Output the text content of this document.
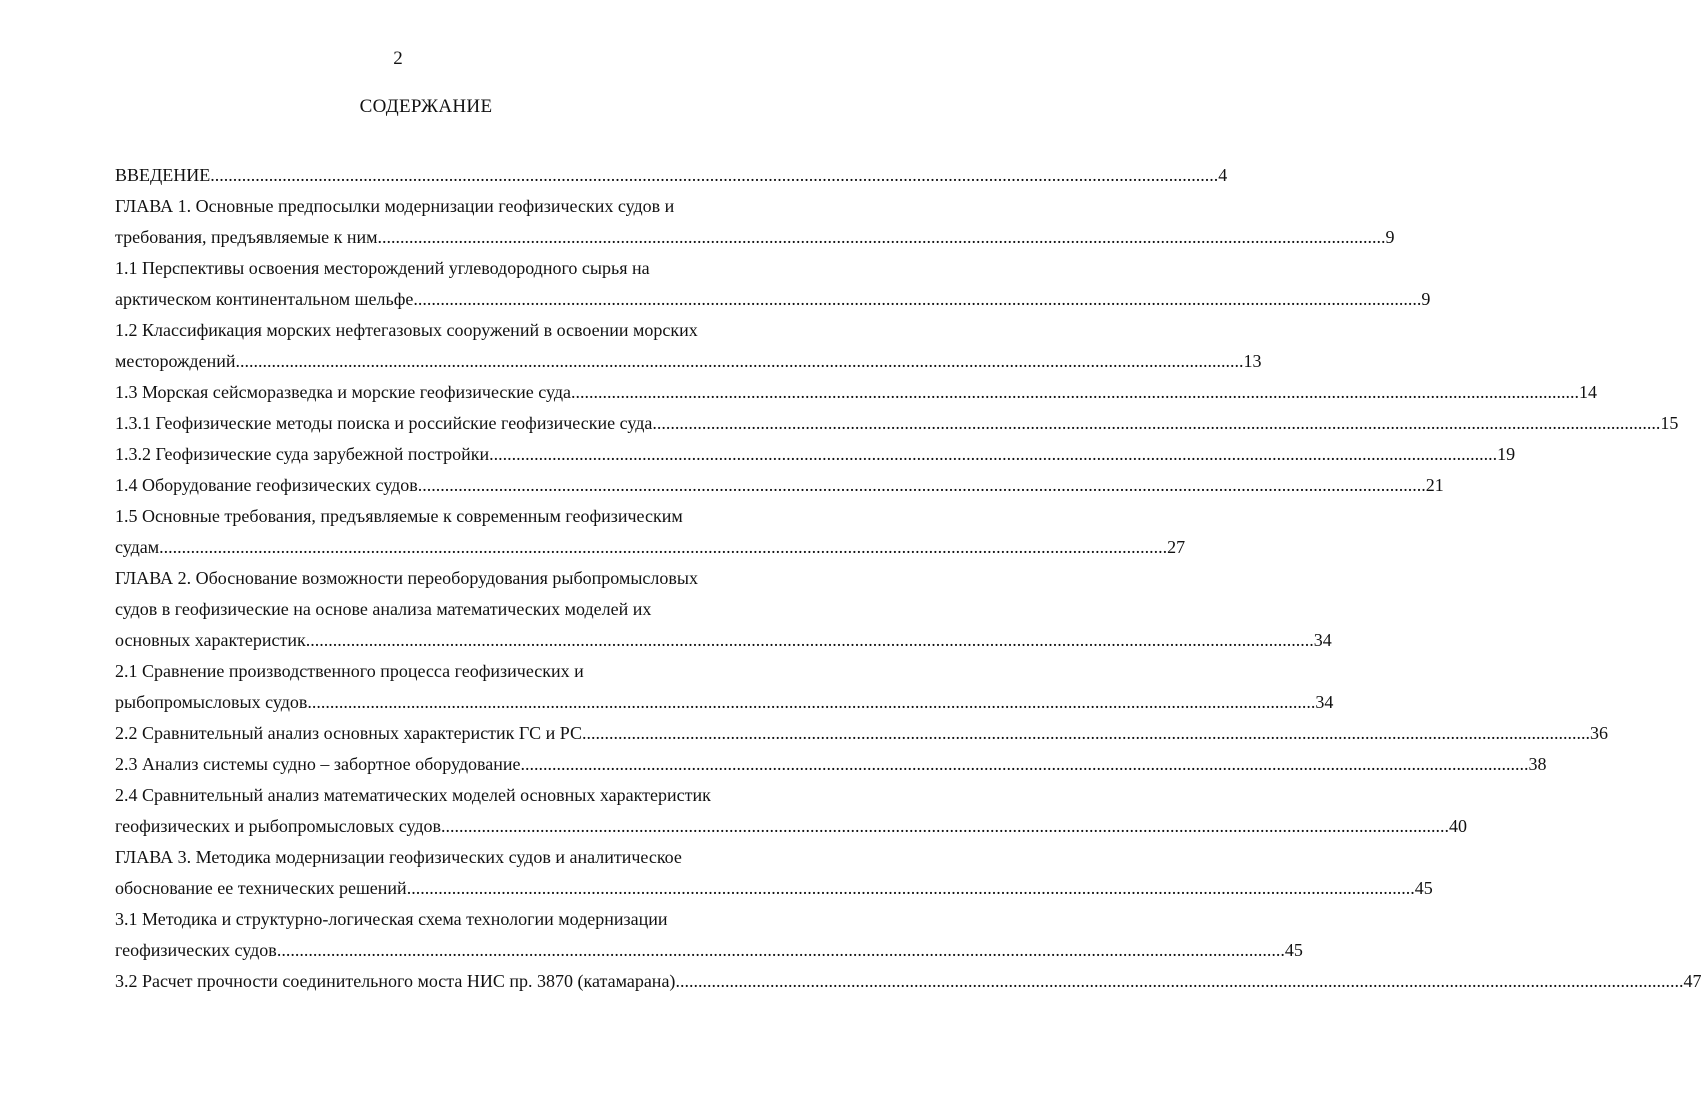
2
СОДЕРЖАНИЕ
ВВЕДЕНИЕ .....	4
ГЛАВА 1. Основные предпосылки модернизации геофизических судов и
требования, предъявляемые к ним .....	9
1.1 Перспективы освоения месторождений углеводородного сырья на
арктическом континентальном шельфе .....	9
1.2 Классификация морских нефтегазовых сооружений в освоении морских
месторождений .....	13
1.3 Морская сейсморазведка и морские геофизические суда .....	14
1.3.1 Геофизические методы поиска и российские геофизические суда .....	15
1.3.2 Геофизические суда зарубежной постройки .....	19
1.4 Оборудование геофизических судов .....	21
1.5 Основные требования, предъявляемые к современным геофизическим
судам .....	27
ГЛАВА 2. Обоснование возможности переоборудования рыбопромысловых
судов в геофизические на основе анализа математических моделей их
основных характеристик .....	34
2.1 Сравнение производственного процесса геофизических и
рыбопромысловых судов .....	34
2.2 Сравнительный анализ основных характеристик ГС и РС .....	36
2.3 Анализ системы судно – забортное оборудование .....	38
2.4 Сравнительный анализ математических моделей основных характеристик
геофизических и рыбопромысловых судов .....	40
ГЛАВА 3. Методика модернизации геофизических судов и аналитическое
обоснование ее технических решений .....	45
3.1 Методика и структурно-логическая схема технологии модернизации
геофизических судов .....	45
3.2 Расчет прочности соединительного моста НИС пр. 3870 (катамарана) .....	47
